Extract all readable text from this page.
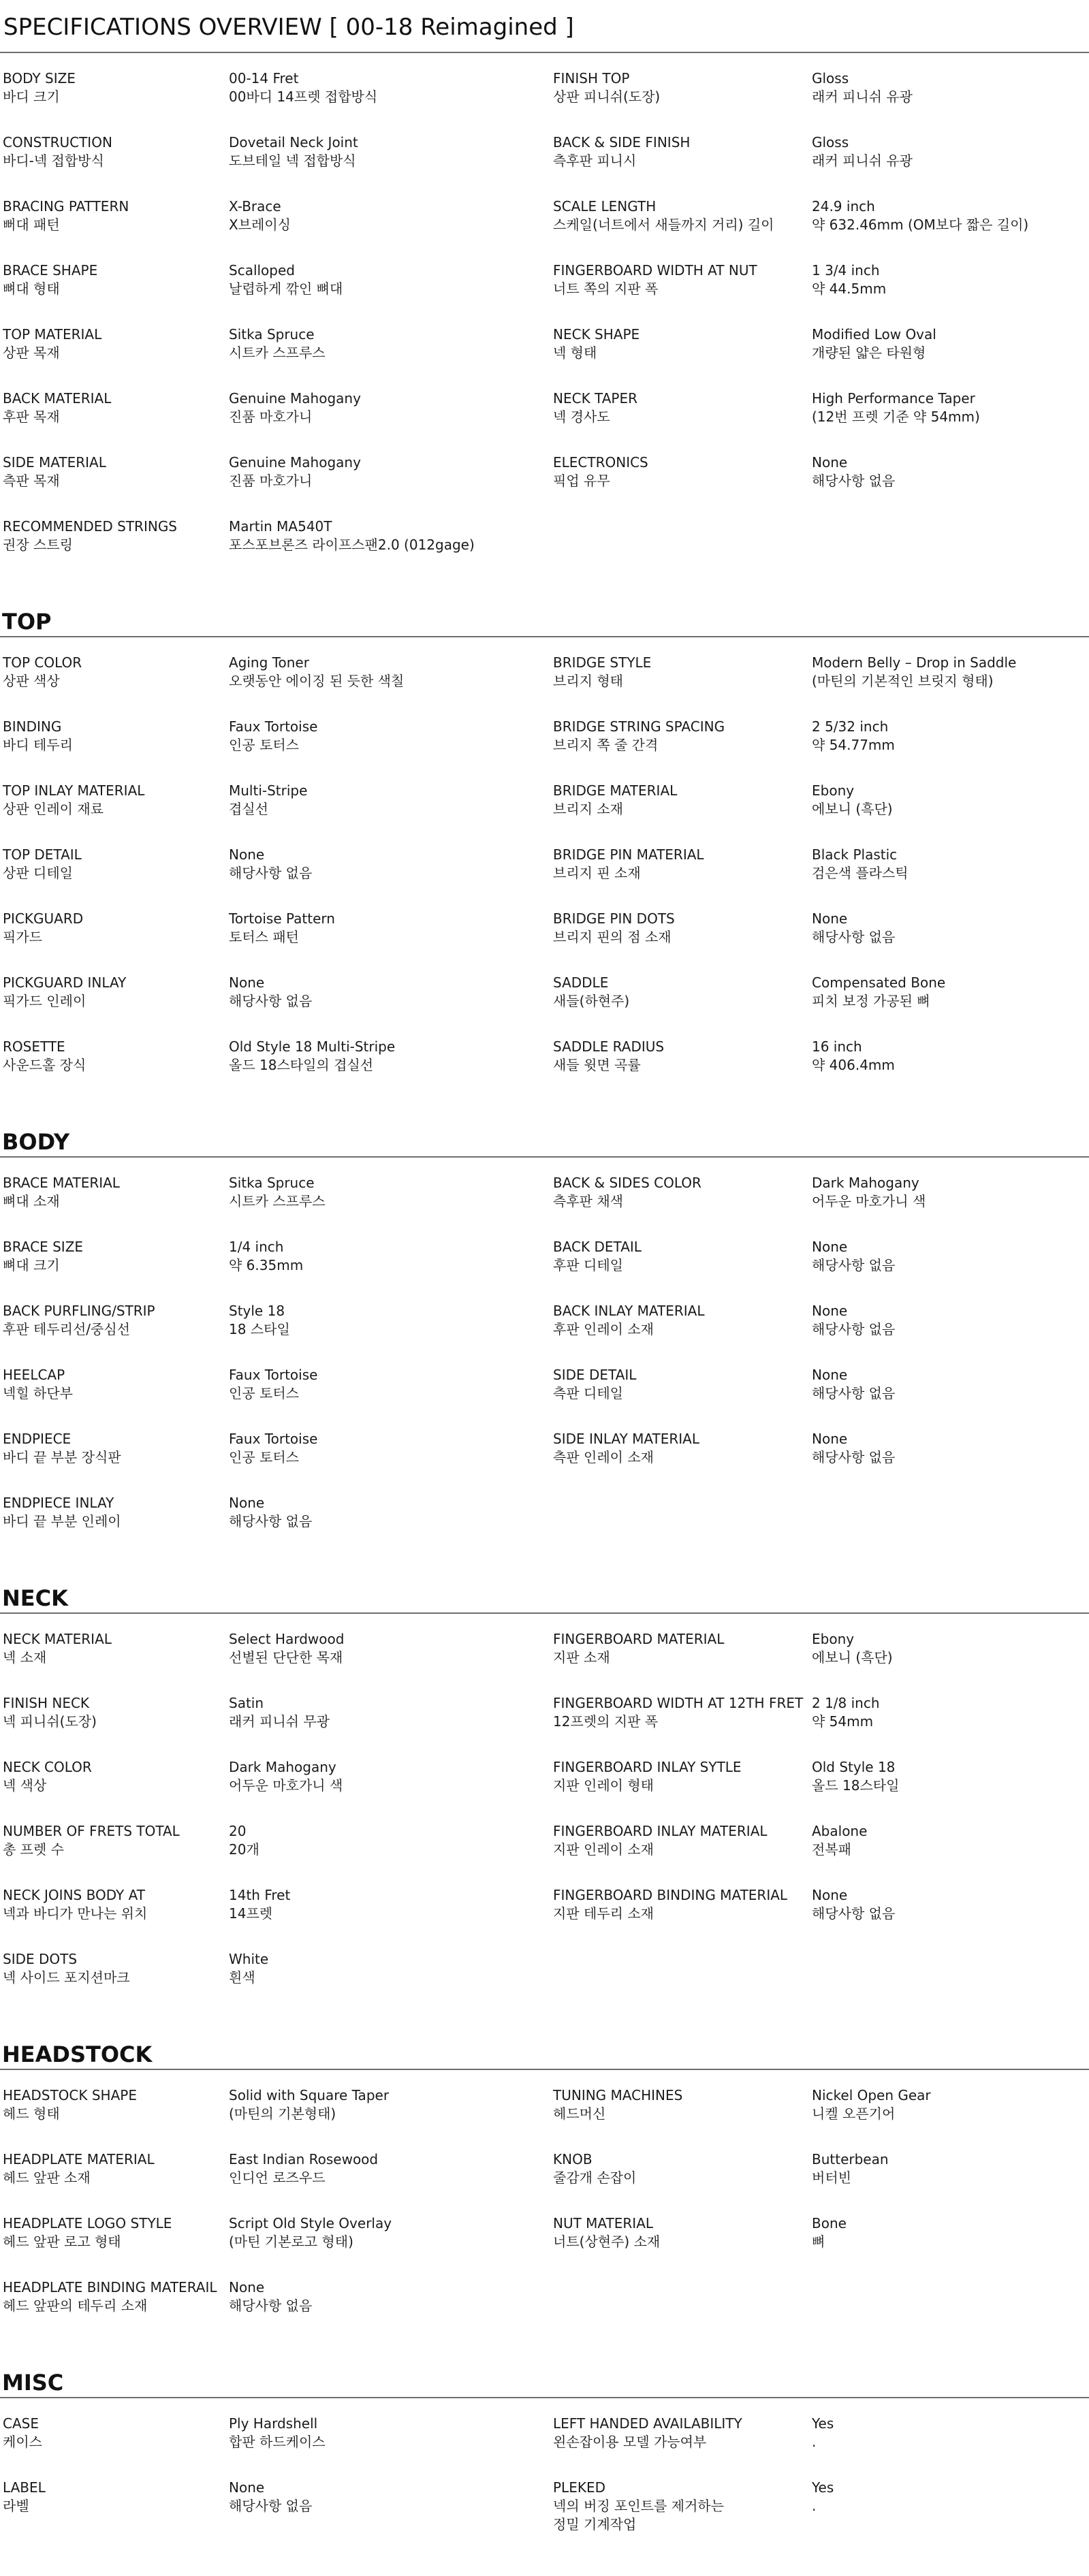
SPECIFICATIONS OVERVIEW [ 00-18 Reimagined ]
BODY SIZE
바디 크기
00-14 Fret
00바디 14프렛 접합방식
FINISH TOP
상판 피니쉬(도장)
Gloss
래커 피니쉬 유광
CONSTRUCTION
바디-넥 접합방식
Dovetail Neck Joint
도브테일 넥 접합방식
BACK & SIDE FINISH
측후판 피니시
Gloss
래커 피니쉬 유광
BRACING PATTERN
뻐대 패턴
X-Brace
X브레이싱
SCALE LENGTH
스케일(너트에서 새들까지 거리) 길이
24.9 inch
약 632.46mm (OM보다 짧은 길이)
BRACE SHAPE
뼈대 형태
Scalloped
날렵하게 깎인 뼈대
FINGERBOARD WIDTH AT NUT
너트 쪽의 지판 폭
1 3/4 inch
약 44.5mm
TOP MATERIAL
상판 목재
Sitka Spruce
시트카 스프루스
NECK SHAPE
넥 형태
Modified Low Oval
개량된 얇은 타원형
BACK MATERIAL
후판 목재
Genuine Mahogany
진품 마호가니
NECK TAPER
넥 경사도
High Performance Taper
(12번 프렛 기준 약 54mm)
SIDE MATERIAL
측판 목재
Genuine Mahogany
진품 마호가니
ELECTRONICS
픽업 유무
None
해당사항 없음
RECOMMENDED STRINGS
권장 스트링
Martin MA540T
포스포브론즈 라이프스팬2.0 (012gage)
TOP
TOP COLOR
상판 색상
Aging Toner
오랫동안 에이징 된 듯한 색칠
BRIDGE STYLE
브리지 형태
Modern Belly – Drop in Saddle
(마틴의 기본적인 브릿지 형태)
BINDING
바디 테두리
Faux Tortoise
인공 토터스
BRIDGE STRING SPACING
브리지 쪽 줄 간격
2 5/32 inch
약 54.77mm
TOP INLAY MATERIAL
상판 인레이 재료
Multi-Stripe
겹실선
BRIDGE MATERIAL
브리지 소재
Ebony
에보니 (흑단)
TOP DETAIL
상판 디테일
None
해당사항 없음
BRIDGE PIN MATERIAL
브리지 핀 소재
Black Plastic
검은색 플라스틱
PICKGUARD
픽가드
Tortoise Pattern
토터스 패턴
BRIDGE PIN DOTS
브리지 핀의 점 소재
None
해당사항 없음
PICKGUARD INLAY
픽가드 인레이
None
해당사항 없음
SADDLE
새들(하현주)
Compensated Bone
피치 보정 가공된 뼈
ROSETTE
사운드홀 장식
Old Style 18 Multi-Stripe
올드 18스타일의 겹실선
SADDLE RADIUS
새들 윗면 곡률
16 inch
약 406.4mm
BODY
BRACE MATERIAL
뼈대 소재
Sitka Spruce
시트카 스프루스
BACK & SIDES COLOR
측후판 채색
Dark Mahogany
어두운 마호가니 색
BRACE SIZE
뼈대 크기
1/4 inch
약 6.35mm
BACK DETAIL
후판 디테일
None
해당사항 없음
BACK PURFLING/STRIP
후판 테두리선/중심선
Style 18
18 스타일
BACK INLAY MATERIAL
후판 인레이 소재
None
해당사항 없음
HEELCAP
넥힐 하단부
Faux Tortoise
인공 토터스
SIDE DETAIL
측판 디테일
None
해당사항 없음
ENDPIECE
바디 끝 부분 장식판
Faux Tortoise
인공 토터스
SIDE INLAY MATERIAL
측판 인레이 소재
None
해당사항 없음
ENDPIECE INLAY
바디 끝 부분 인레이
None
해당사항 없음
NECK
NECK MATERIAL
넥 소재
Select Hardwood
선별된 단단한 목재
FINGERBOARD MATERIAL
지판 소재
Ebony
에보니 (흑단)
FINISH NECK
넥 피니쉬(도장)
Satin
래커 피니쉬 무광
FINGERBOARD WIDTH AT 12TH FRET
12프렛의 지판 폭
2 1/8 inch
약 54mm
NECK COLOR
넥 색상
Dark Mahogany
어두운 마호가니 색
FINGERBOARD INLAY SYTLE
지판 인레이 형태
Old Style 18
올드 18스타일
NUMBER OF FRETS TOTAL
총 프렛 수
20
20개
FINGERBOARD INLAY MATERIAL
지판 인레이 소재
Abalone
전복패
NECK JOINS BODY AT
넥과 바디가 만나는 위치
14th Fret
14프렛
FINGERBOARD BINDING MATERIAL
지판 테두리 소재
None
해당사항 없음
SIDE DOTS
넥 사이드 포지션마크
White
흰색
HEADSTOCK
HEADSTOCK SHAPE
헤드 형태
Solid with Square Taper
(마틴의 기본형태)
TUNING MACHINES
헤드머신
Nickel Open Gear
니켈 오픈기어
HEADPLATE MATERIAL
헤드 앞판 소재
East Indian Rosewood
인디언 로즈우드
KNOB
줄감개 손잡이
Butterbean
버터빈
HEADPLATE LOGO STYLE
헤드 앞판 로고 형태
Script Old Style Overlay
(마틴 기본로고 형태)
NUT MATERIAL
너트(상현주) 소재
Bone
뼈
HEADPLATE BINDING MATERAIL
헤드 앞판의 테두리 소재
None
해당사항 없음
MISC
CASE
케이스
Ply Hardshell
합판 하드케이스
LEFT HANDED AVAILABILITY
왼손잡이용 모델 가능여부
Yes
.
LABEL
라벨
None
해당사항 없음
PLEKED
넥의 버징 포인트를 제거하는
정밀 기계작업
Yes
.
